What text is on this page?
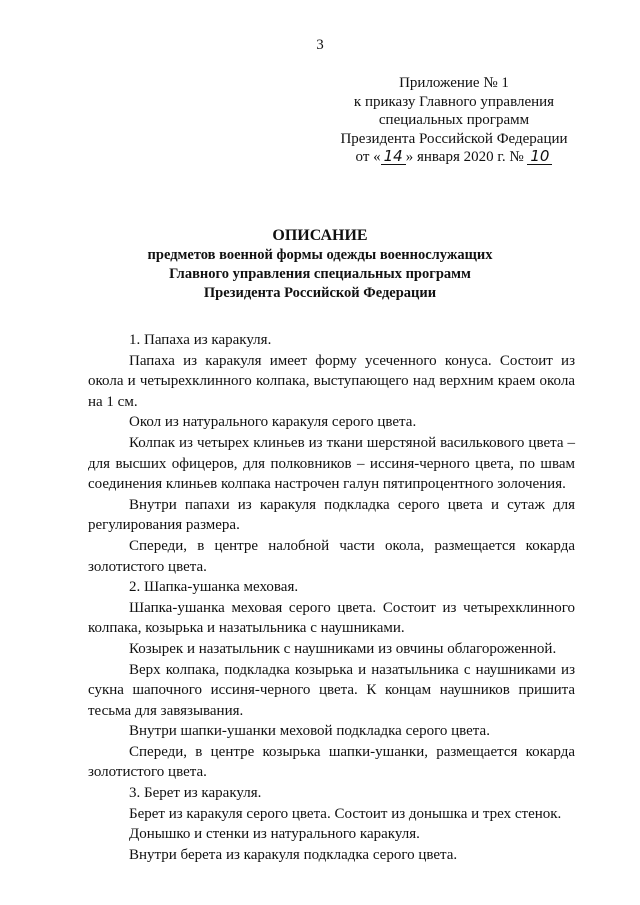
3
Приложение № 1
к приказу Главного управления
специальных программ
Президента Российской Федерации
от « 14 » января 2020 г. № 10
ОПИСАНИЕ
предметов военной формы одежды военнослужащих
Главного управления специальных программ
Президента Российской Федерации

1. Папаха из каракуля.

Папаха из каракуля имеет форму усеченного конуса. Состоит из окола и четырехклинного колпака, выступающего над верхним краем окола на 1 см.

Окол из натурального каракуля серого цвета.

Колпак из четырех клиньев из ткани шерстяной василькового цвета – для высших офицеров, для полковников – иссиня-черного цвета, по швам соединения клиньев колпака настрочен галун пятипроцентного золочения.

Внутри папахи из каракуля подкладка серого цвета и сутаж для регулирования размера.

Спереди, в центре налобной части окола, размещается кокарда золотистого цвета.

2. Шапка-ушанка меховая.

Шапка-ушанка меховая серого цвета. Состоит из четырехклинного колпака, козырька и назатыльника с наушниками.

Козырек и назатыльник с наушниками из овчины облагороженной.

Верх колпака, подкладка козырька и назатыльника с наушниками из сукна шапочного иссиня-черного цвета. К концам наушников пришита тесьма для завязывания.

Внутри шапки-ушанки меховой подкладка серого цвета.

Спереди, в центре козырька шапки-ушанки, размещается кокарда золотистого цвета.

3. Берет из каракуля.

Берет из каракуля серого цвета. Состоит из донышка и трех стенок.

Донышко и стенки из натурального каракуля.

Внутри берета из каракуля подкладка серого цвета.
